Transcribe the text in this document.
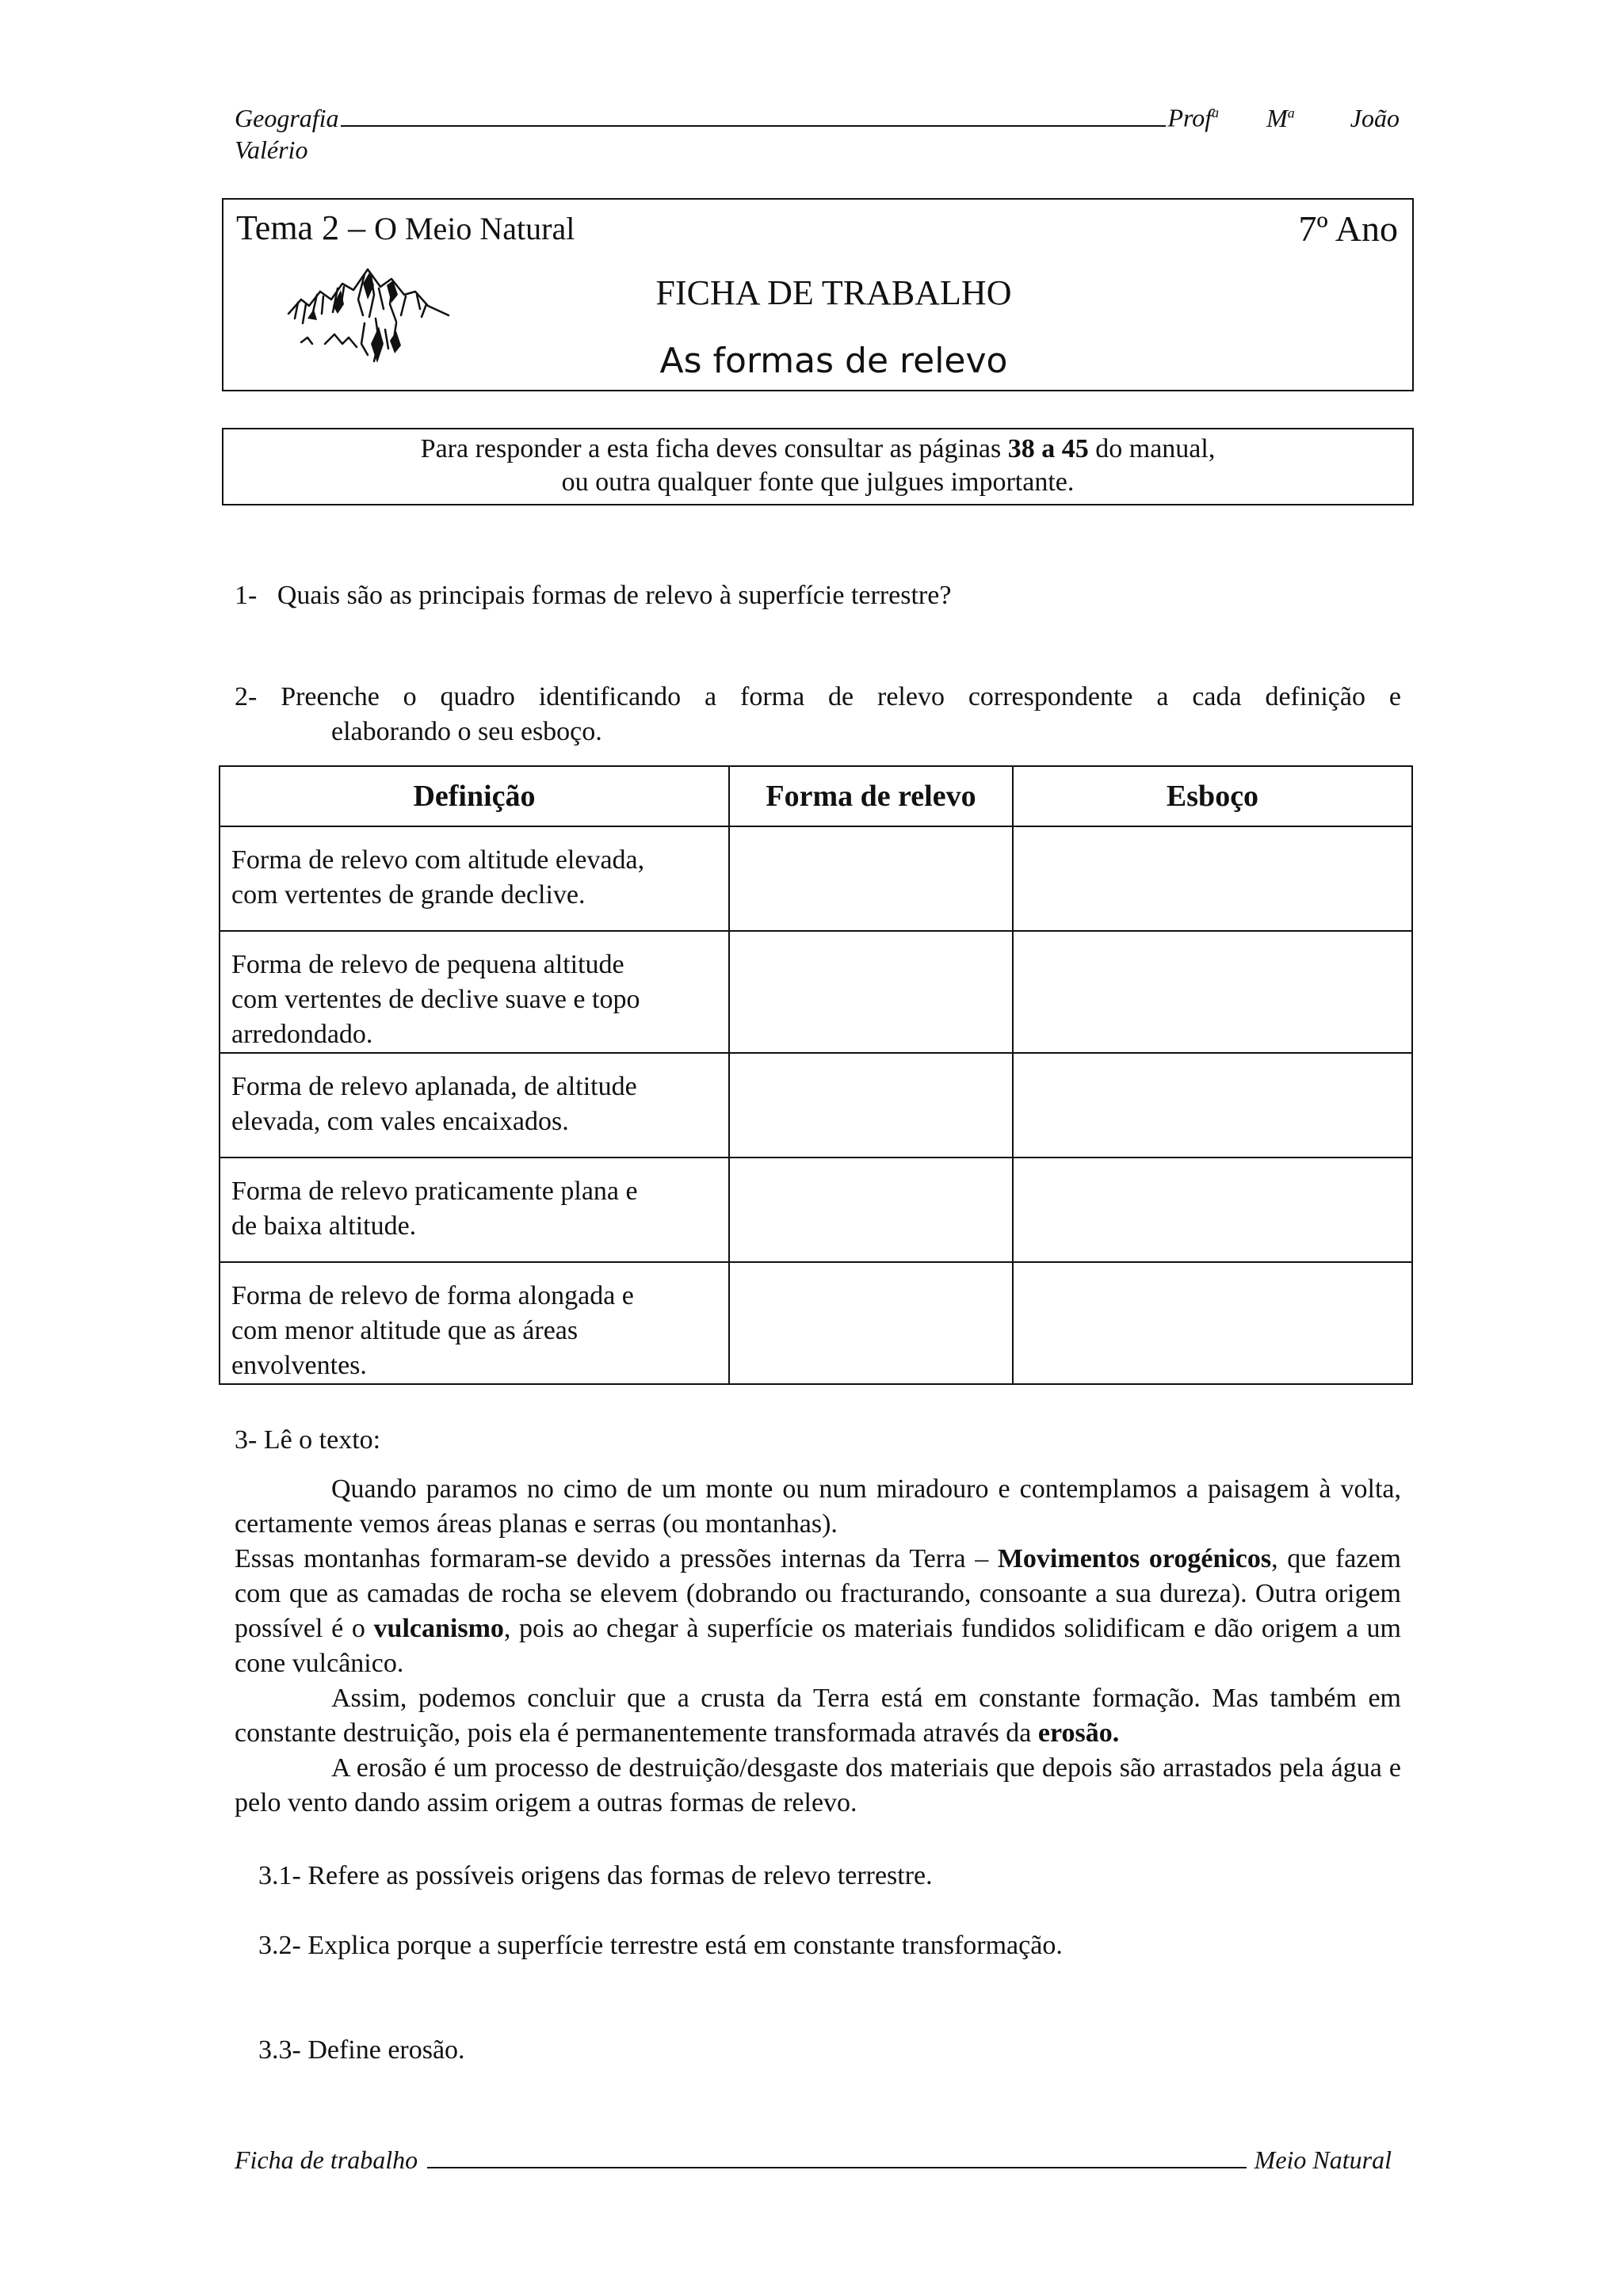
Geografia	Prof$^a$ $M^a$ João
Valério
Tema 2 – O Meio Natural	7º Ano
FICHA DE TRABALHO
As formas de relevo
Para responder a esta ficha deves consultar as páginas 38 a 45 do manual,
ou outra qualquer fonte que julgues importante.
1- Quais são as principais formas de relevo à superfície terrestre?
2- Preenche o quadro identificando a forma de relevo correspondente a cada definição e
elaborando o seu esboço.
Definição	Forma de relevo	Esboço

Forma de relevo com altitude elevada,
com vertentes de grande declive.		

Forma de relevo de pequena altitude
com vertentes de declive suave e topo
arredondado.		

Forma de relevo aplanada, de altitude
elevada, com vales encaixados.		

Forma de relevo praticamente plana e
de baixa altitude.		

Forma de relevo de forma alongada e
com menor altitude que as áreas
envolventes.		

3- Lê o texto:

Quando paramos no cimo de um monte ou num miradouro e contemplamos a paisagem à volta, certamente vemos áreas planas e serras (ou montanhas).

Essas montanhas formaram-se devido a pressões internas da Terra – Movimentos orogénicos, que fazem com que as camadas de rocha se elevem (dobrando ou fracturando, consoante a sua dureza). Outra origem possível é o vulcanismo, pois ao chegar à superfície os materiais fundidos solidificam e dão origem a um cone vulcânico.

Assim, podemos concluir que a crusta da Terra está em constante formação. Mas também em constante destruição, pois ela é permanentemente transformada através da erosão.

A erosão é um processo de destruição/desgaste dos materiais que depois são arrastados pela água e pelo vento dando assim origem a outras formas de relevo.

3.1- Refere as possíveis origens das formas de relevo terrestre.
3.2- Explica porque a superfície terrestre está em constante transformação.
3.3- Define erosão.
Ficha de trabalho	Meio Natural
